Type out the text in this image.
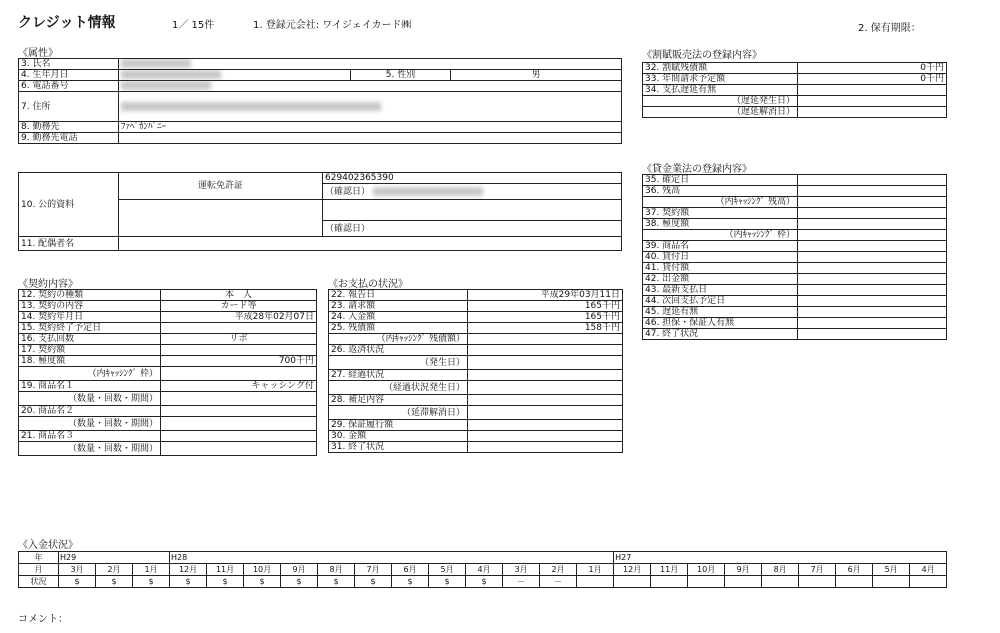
クレジット情報	1／ 15件	1. 登録元会社: ワイジェイカード㈱	2. 保有期限：
《属性》
3. 氏名			
4. 生年月日		5. 性別	男
6. 電話番号			
7. 住所			
8. 勤務先	ﾌｧﾍﾟｶﾝﾊﾟﾆｰ		
9. 勤務先電話			
10. 公的資料	運転免許証	629402365390
		（確認日）

		（確認日）
11. 配偶者名		
《割賦販売法の登録内容》
32. 割賦残債額	0千円
33. 年間請求予定額	0千円
34. 支払遅延有無	
（遅延発生日）	
（遅延解消日）	
《貸金業法の登録内容》
35. 確定日	
36. 残高	
（内ｷｬｯｼﾝｸﾞ 残高）	
37. 契約額	
38. 極度額	
（内ｷｬｯｼﾝｸﾞ 枠）	
39. 商品名	
40. 貸付日	
41. 貸付額	
42. 出金額	
43. 最新支払日	
44. 次回支払予定日	
45. 遅延有無	
46. 担保・保証人有無	
47. 終了状況	
《契約内容》
12. 契約の種類	本　人
13. 契約の内容	カード等
14. 契約年月日	平成28年02月07日
15. 契約終了予定日	
16. 支払回数	リボ
17. 契約額	
18. 極度額	700千円
（内ｷｬｯｼﾝｸﾞ 枠）	
19. 商品名１	キャッシング付
（数量・回数・期間）	
20. 商品名２	
（数量・回数・期間）	
21. 商品名３	
（数量・回数・期間）	
《お支払の状況》
22. 報告日	平成29年03月11日
23. 請求額	165千円
24. 入金額	165千円
25. 残債額	158千円
（内ｷｬｯｼﾝｸﾞ 残債額）	
26. 返済状況	
（発生日）	
27. 経過状況	
（経過状況発生日）	
28. 補足内容	
（延滞解消日）	
29. 保証履行額	
30. 金額	
31. 終了状況	
《入金状況》
年	H29			H28												H27								
月	3月	2月	1月	12月	11月	10月	9月	8月	7月	6月	5月	4月	3月	2月	1月	12月	11月	10月	9月	8月	7月	6月	5月	4月
状況	$	$	$	$	$	$	$	$	$	$	$	$	－	－										
コメント：
